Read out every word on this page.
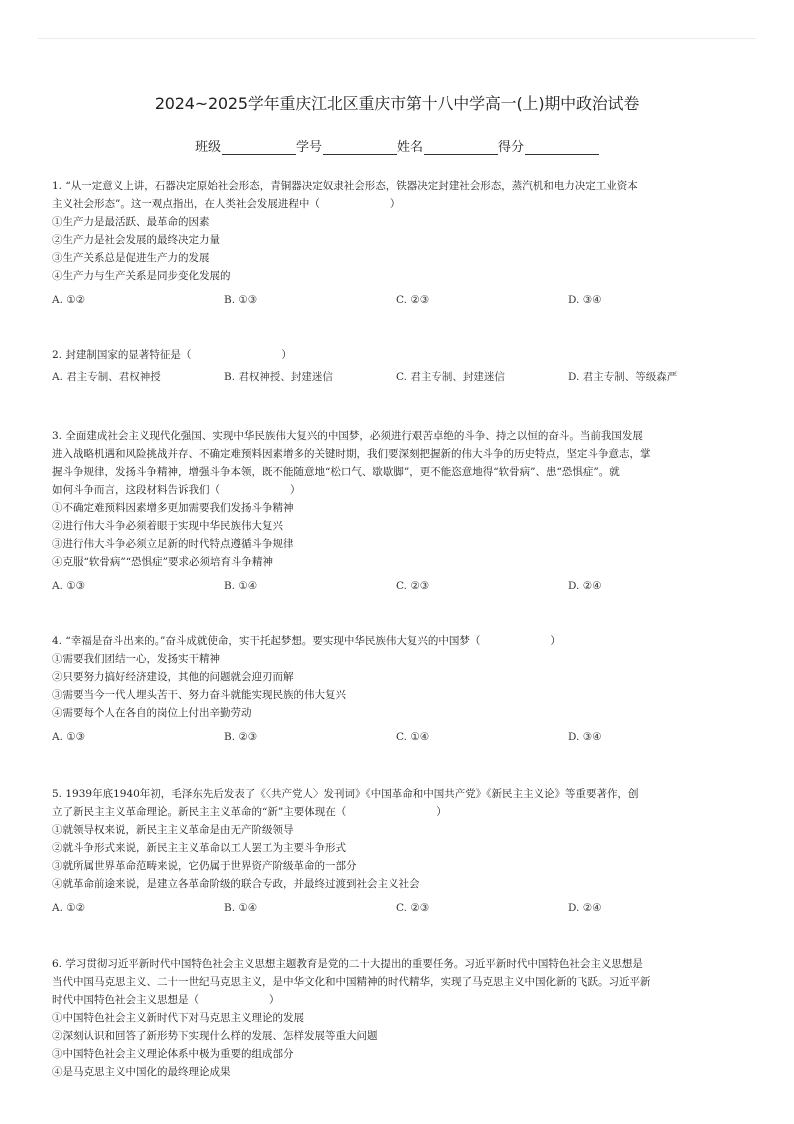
2024~2025学年重庆江北区重庆市第十八中学高一(上)期中政治试卷
班级	学号	姓名	得分
1. “从一定意义上讲，石器决定原始社会形态，青铜器决定奴隶社会形态，铁器决定封建社会形态，蒸汽机和电力决定工业资本
主义社会形态”。这一观点指出，在人类社会发展进程中（	）
①生产力是最活跃、最革命的因素
②生产力是社会发展的最终决定力量
③生产关系总是促进生产力的发展
④生产力与生产关系是同步变化发展的
A. ①②	B. ①③	C. ②③	D. ③④
2. 封建制国家的显著特征是（	）
A. 君主专制、君权神授	B. 君权神授、封建迷信	C. 君主专制、封建迷信	D. 君主专制、等级森严
3. 全面建成社会主义现代化强国、实现中华民族伟大复兴的中国梦，必须进行艰苦卓绝的斗争、持之以恒的奋斗。当前我国发展
进入战略机遇和风险挑战并存、不确定难预料因素增多的关键时期，我们要深刻把握新的伟大斗争的历史特点，坚定斗争意志，掌
握斗争规律，发扬斗争精神，增强斗争本领，既不能随意地“松口气、歇歇脚”，更不能恣意地得“软骨病”、患“恐惧症”。就
如何斗争而言，这段材料告诉我们（	）
①不确定难预料因素增多更加需要我们发扬斗争精神
②进行伟大斗争必须着眼于实现中华民族伟大复兴
③进行伟大斗争必须立足新的时代特点遵循斗争规律
④克服“软骨病”“恐惧症”要求必须培育斗争精神
A. ①③	B. ①④	C. ②③	D. ②④
4. “幸福是奋斗出来的。”奋斗成就使命，实干托起梦想。要实现中华民族伟大复兴的中国梦（	）
①需要我们团结一心，发扬实干精神
②只要努力搞好经济建设，其他的问题就会迎刃而解
③需要当今一代人埋头苦干、努力奋斗就能实现民族的伟大复兴
④需要每个人在各自的岗位上付出辛勤劳动
A. ①③	B. ②③	C. ①④	D. ③④
5. 1939年底1940年初，毛泽东先后发表了《〈共产党人〉发刊词》《中国革命和中国共产党》《新民主主义论》等重要著作，创
立了新民主主义革命理论。新民主主义革命的“新”主要体现在（	）
①就领导权来说，新民主主义革命是由无产阶级领导
②就斗争形式来说，新民主主义革命以工人罢工为主要斗争形式
③就所属世界革命范畴来说，它仍属于世界资产阶级革命的一部分
④就革命前途来说，是建立各革命阶级的联合专政，并最终过渡到社会主义社会
A. ①②	B. ①④	C. ②③	D. ②④
6. 学习贯彻习近平新时代中国特色社会主义思想主题教育是党的二十大提出的重要任务。习近平新时代中国特色社会主义思想是
当代中国马克思主义、二十一世纪马克思主义，是中华文化和中国精神的时代精华，实现了马克思主义中国化新的飞跃。习近平新
时代中国特色社会主义思想是（	）
①中国特色社会主义新时代下对马克思主义理论的发展
②深刻认识和回答了新形势下实现什么样的发展、怎样发展等重大问题
③中国特色社会主义理论体系中极为重要的组成部分
④是马克思主义中国化的最终理论成果
